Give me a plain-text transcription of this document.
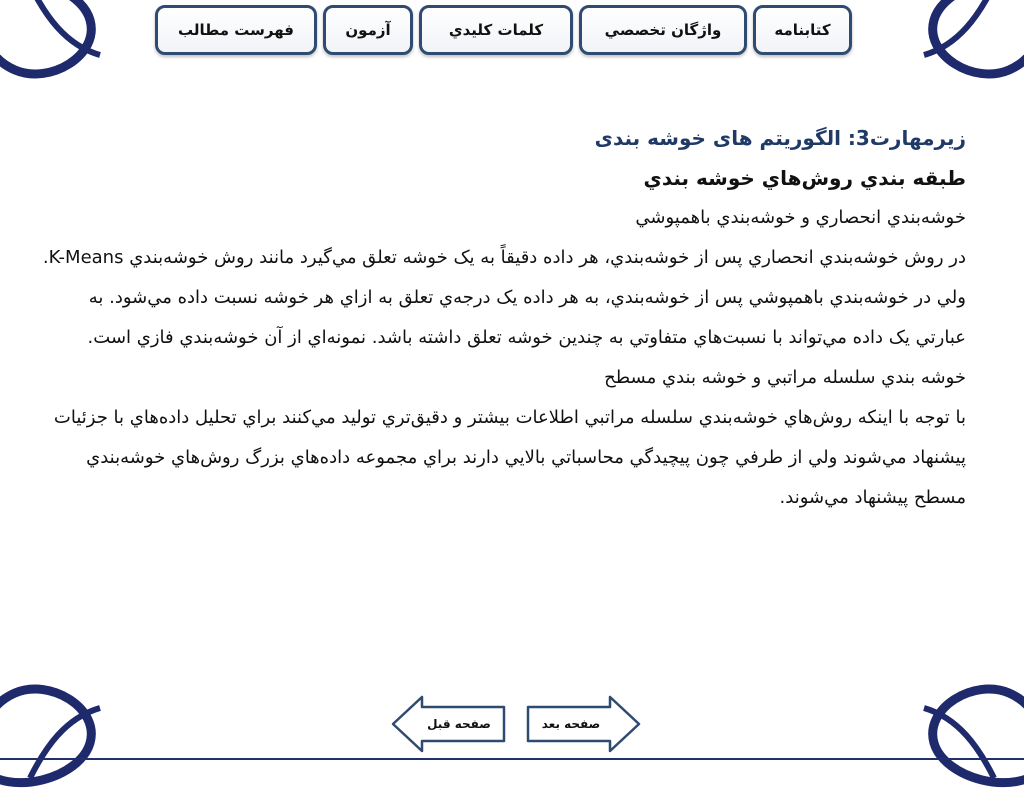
فهرست مطالب	آزمون	كلمات كليدي	واژگان تخصصي	كتابنامه
زیرمهارت3: الگوریتم های خوشه بندی
طبقه بندي روش‌هاي خوشه بندي

خوشه‌بندي انحصاري و خوشه‌بندي باهمپوشي

در روش خوشه‌بندي انحصاري پس از خوشه‌بندي، هر داده دقيقاً به يک خوشه تعلق مي‌گيرد مانند روش خوشه‌بندي K-Means. ولي در خوشه‌بندي باهمپوشي پس از خوشه‌بندي، به هر داده يک درجه‌ي تعلق به ازاي هر خوشه نسبت داده مي‌شود. به عبارتي يک داده مي‌تواند با نسبت‌هاي متفاوتي به چندين خوشه تعلق داشته باشد. نمونه‌اي از آن خوشه‌بندي فازي است.

خوشه بندي سلسله مراتبي و خوشه بندي مسطح

با توجه با اينکه روش‌هاي خوشه‌بندي سلسله مراتبي اطلاعات بيشتر و دقيق‌تري توليد مي‌کنند براي تحليل داده‌هاي با جزئيات پيشنهاد مي‌شوند ولي از طرفي چون پيچيدگي محاسباتي بالايي دارند براي مجموعه داده‌هاي بزرگ روش‌هاي خوشه‌بندي مسطح پيشنهاد مي‌شوند.

صفحه قبل	صفحه بعد
